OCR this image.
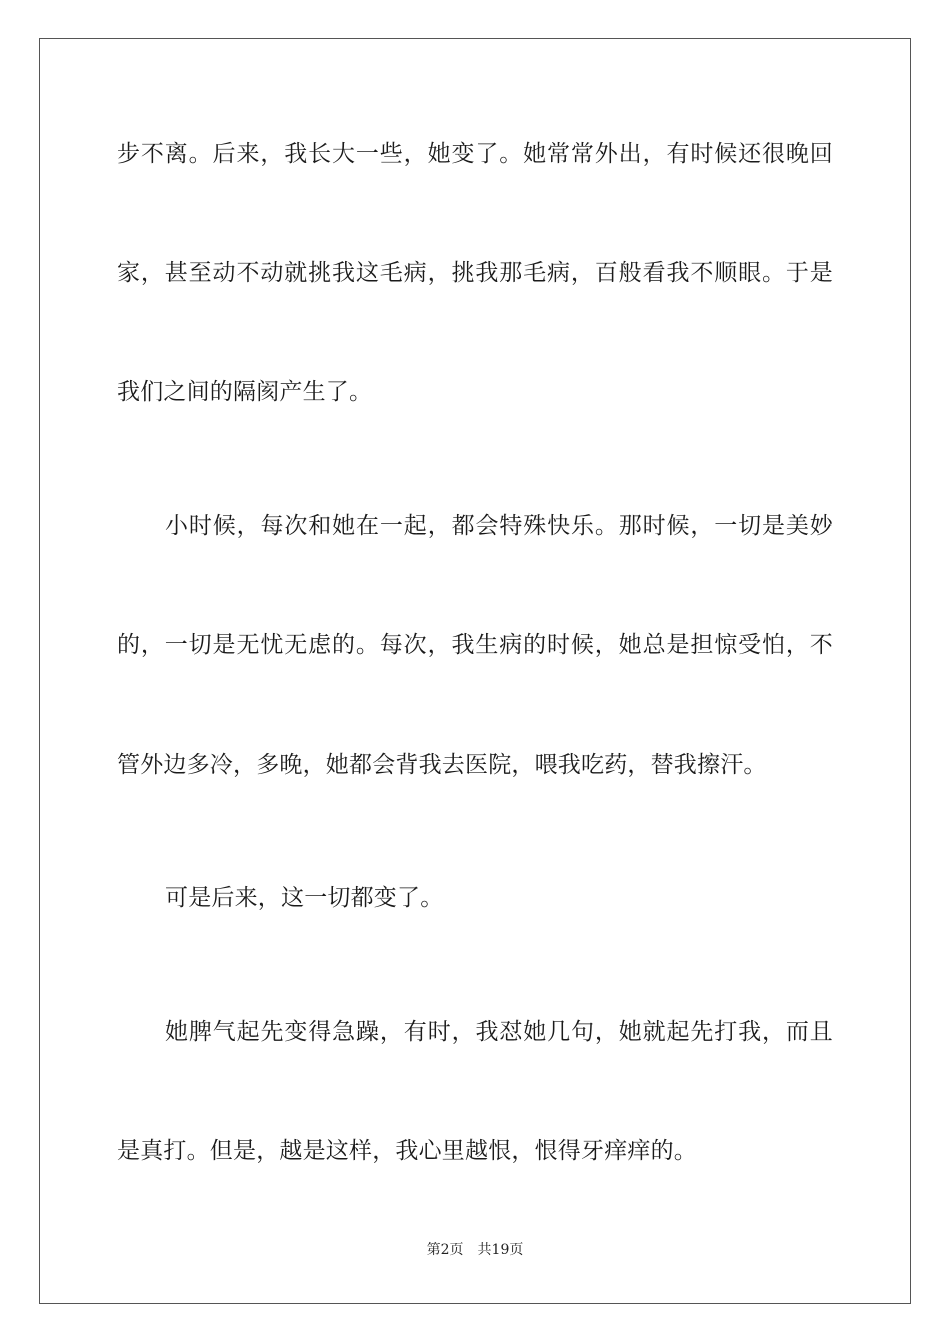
步不离。后来，我长大一些，她变了。她常常外出，有时候还很晚回
家，甚至动不动就挑我这毛病，挑我那毛病，百般看我不顺眼。于是
我们之间的隔阂产生了。
小时候，每次和她在一起，都会特殊快乐。那时候，一切是美妙
的，一切是无忧无虑的。每次，我生病的时候，她总是担惊受怕，不
管外边多冷，多晚，她都会背我去医院，喂我吃药，替我擦汗。
可是后来，这一切都变了。
她脾气起先变得急躁，有时，我怼她几句，她就起先打我，而且
是真打。但是，越是这样，我心里越恨，恨得牙痒痒的。
第2页 共19页
